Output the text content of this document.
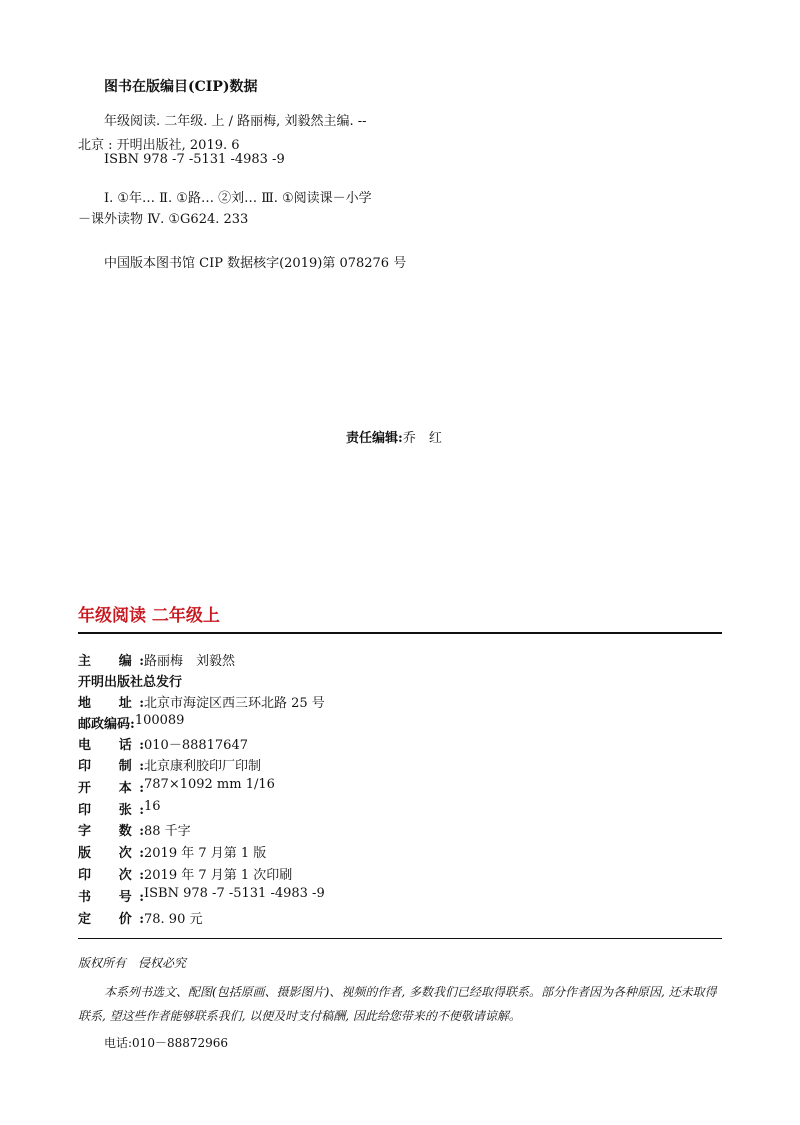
图书在版编目(CIP)数据
年级阅读. 二年级. 上 / 路丽梅, 刘毅然主编. --
北京 : 开明出版社, 2019. 6
ISBN 978 -7 -5131 -4983 -9
Ⅰ. ①年… Ⅱ. ①路… ②刘… Ⅲ. ①阅读课－小学
－课外读物 Ⅳ. ①G624. 233
中国版本图书馆 CIP 数据核字(2019)第 078276 号
责任编辑:乔　红
年级阅读 二年级上
主　编: 路丽梅　刘毅然
开明出版社总发行
地　址: 北京市海淀区西三环北路 25 号
邮政编码: 100089
电　话: 010－88817647
印　制: 北京康利胶印厂印制
开　本: 787×1092 mm 1/16
印　张: 16
字　数: 88 千字
版　次: 2019 年 7 月第 1 版
印　次: 2019 年 7 月第 1 次印刷
书　号: ISBN 978 -7 -5131 -4983 -9
定　价: 78. 90 元
版权所有　侵权必究
本系列书选文、配图(包括原画、摄影图片)、视频的作者, 多数我们已经取得联系。部分作者因为各种原因, 还未取得联系, 望这些作者能够联系我们, 以便及时支付稿酬, 因此给您带来的不便敬请谅解。
电话:010－88872966
